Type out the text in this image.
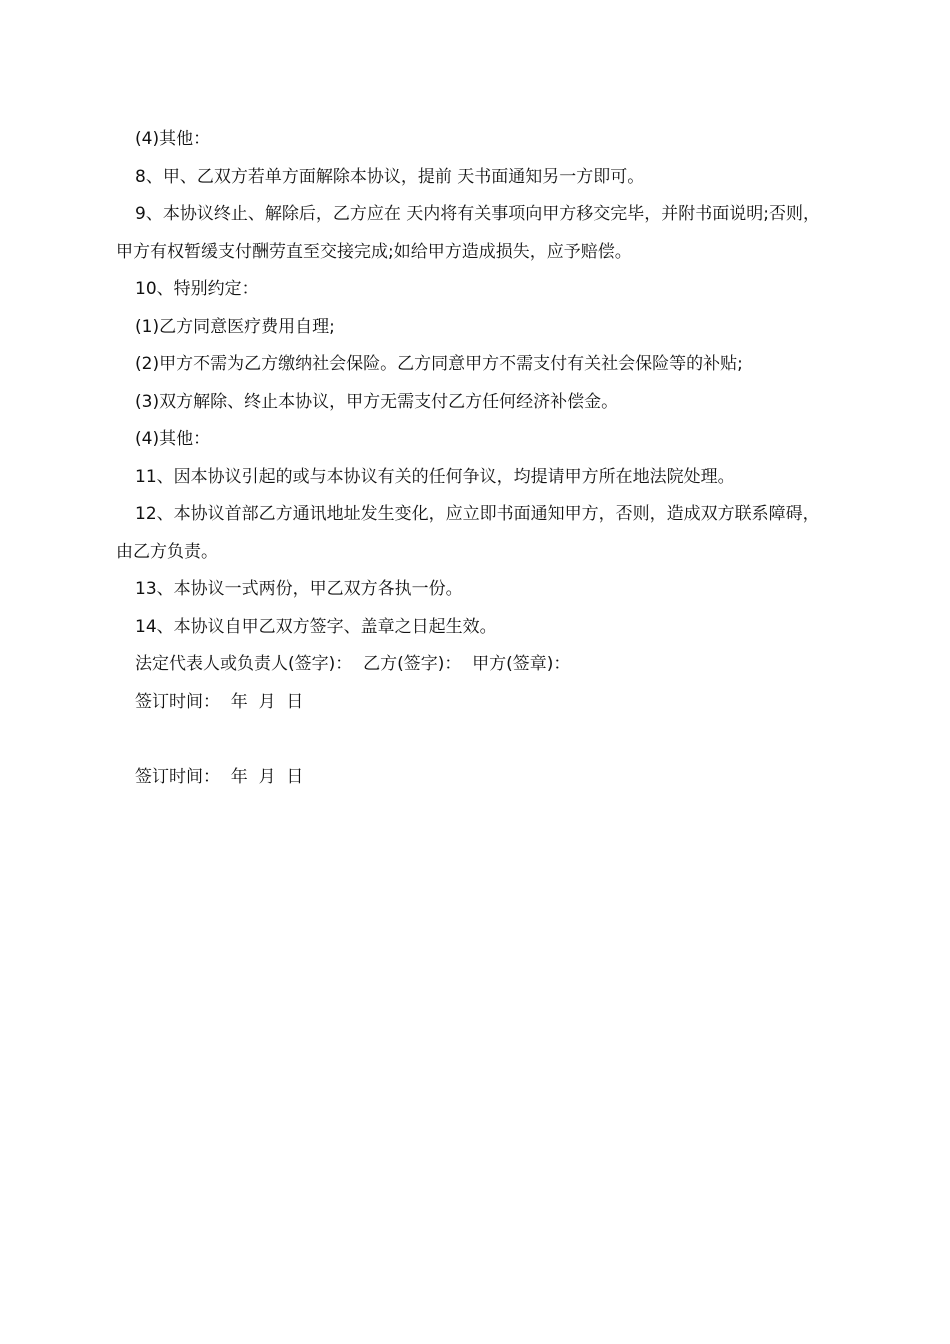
(4)其他：

8、甲、乙双方若单方面解除本协议，提前 天书面通知另一方即可。

9、本协议终止、解除后，乙方应在 天内将有关事项向甲方移交完毕，并附书面说明;否则，甲方有权暂缓支付酬劳直至交接完成;如给甲方造成损失，应予赔偿。

10、特别约定：

(1)乙方同意医疗费用自理;

(2)甲方不需为乙方缴纳社会保险。乙方同意甲方不需支付有关社会保险等的补贴;

(3)双方解除、终止本协议，甲方无需支付乙方任何经济补偿金。

(4)其他：

11、因本协议引起的或与本协议有关的任何争议，均提请甲方所在地法院处理。

12、本协议首部乙方通讯地址发生变化，应立即书面通知甲方，否则，造成双方联系障碍，由乙方负责。

13、本协议一式两份，甲乙双方各执一份。

14、本协议自甲乙双方签字、盖章之日起生效。

法定代表人或负责人(签字)：  乙方(签字)：  甲方(签章)：

签订时间：  年  月  日

签订时间：  年  月  日
